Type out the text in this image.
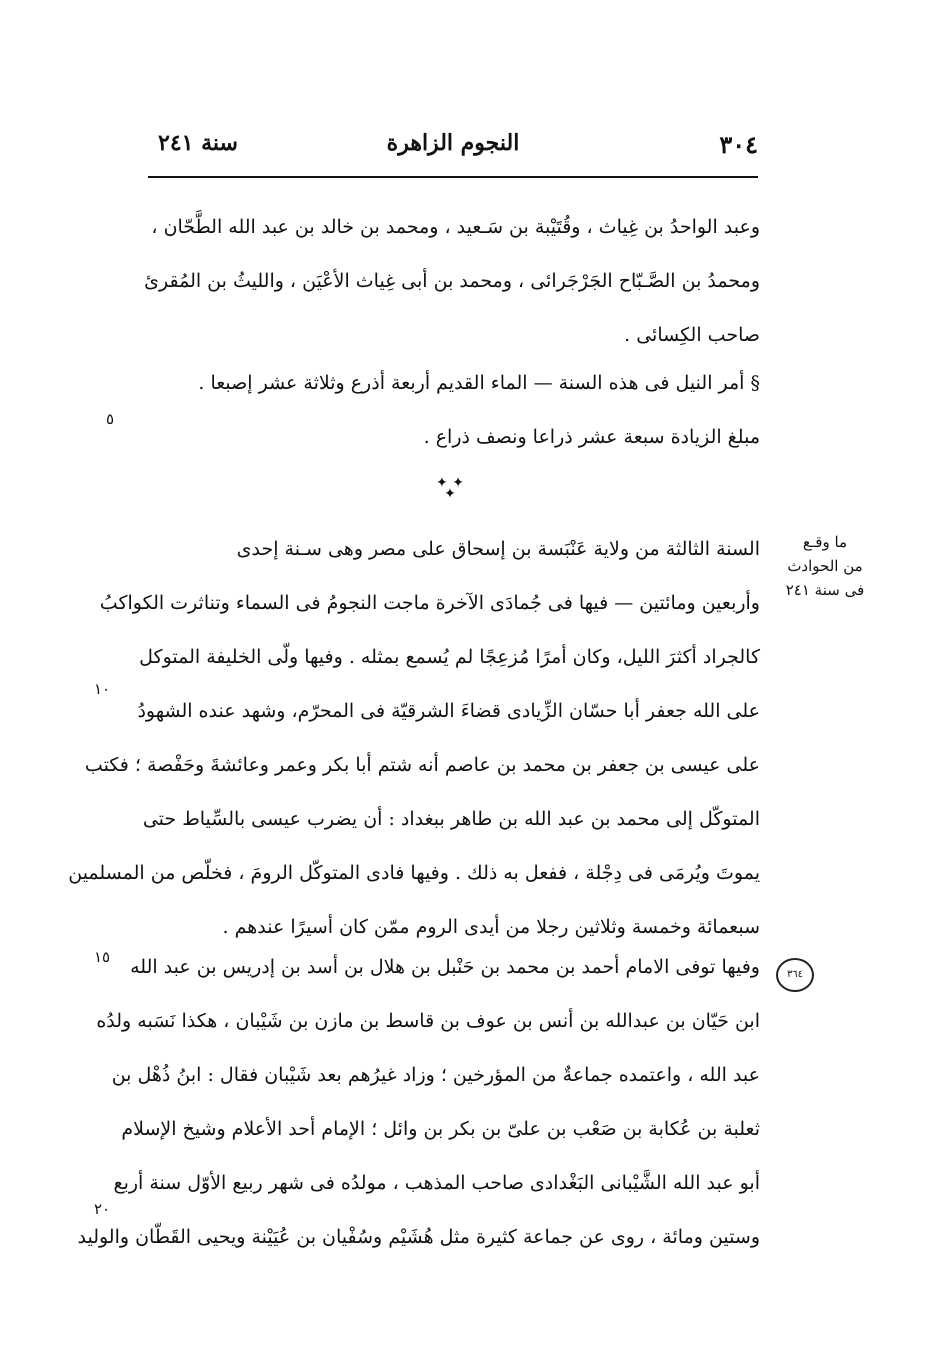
٣٠٤
النجوم الزاهرة
سنة ٢٤١
وعبد الواحدُ بن غِياث ، وقُتَيْبة بن سَـعيد ، ومحمد بن خالد بن عبد الله الطَّحّان ،
ومحمدُ بن الصَّـبّاح الجَرْجَرائى ، ومحمد بن أبى غِياث الأعْيَن ، والليثُ بن المُقرئ
صاحب الكِسائى .
§ أمر النيل فى هذه السنة — الماء القديم أربعة أذرع وثلاثة عشر إصبعا .
مبلغ الزيادة سبعة عشر ذراعا ونصف ذراع .
✦ ✦ ✦
السنة الثالثة من ولاية عَنْبَسة بن إسحاق على مصر وهى سـنة إحدى
وأربعين ومائتين — فيها فى جُمادَى الآخرة ماجت النجومُ فى السماء وتناثرت الكواكبُ
كالجراد أكثرَ الليل، وكان أمرًا مُزعِجًا لم يُسمع بمثله . وفيها ولّى الخليفة المتوكل
على الله جعفر أبا حسّان الزِّيادى قضاءَ الشرقيّة فى المحرّم، وشهد عنده الشهودُ
على عيسى بن جعفر بن محمد بن عاصم أنه شتم أبا بكر وعمر وعائشةَ وحَفْصة ؛ فكتب
المتوكّل إلى محمد بن عبد الله بن طاهر ببغداد : أن يضرب عيسى بالسِّياط حتى
يموتَ ويُرمَى فى دِجْلة ، ففعل به ذلك . وفيها فادى المتوكّل الرومَ ، فخلّص من المسلمين
سبعمائة وخمسة وثلاثين رجلا من أيدى الروم ممّن كان أسيرًا عندهم .
وفيها توفى الامام أحمد بن محمد بن حَنْبل بن هلال بن أسد بن إدريس بن عبد الله
ابن حَيّان بن عبدالله بن أنس بن عوف بن قاسط بن مازن بن شَيْبان ، هكذا نَسَبه ولدُه
عبد الله ، واعتمده جماعةٌ من المؤرخين ؛ وزاد غيرُهم بعد شَيْبان فقال : ابنُ ذُهْل بن
ثعلبة بن عُكابة بن صَعْب بن علىّ بن بكر بن وائل ؛ الإمام أحد الأعلام وشيخ الإسلام
أبو عبد الله الشَّيْبانى البَغْدادى صاحب المذهب ، مولدُه فى شهر ربيع الأوّل سنة أربع
وستين ومائة ، روى عن جماعة كثيرة مثل هُشَيْم وسُفْيان بن عُيَيْنة ويحيى القَطّان والوليد
ما وقـع
من الحوادث
فى سنة ٢٤١
٣٦٤
٥
١٠
١٥
٢٠
